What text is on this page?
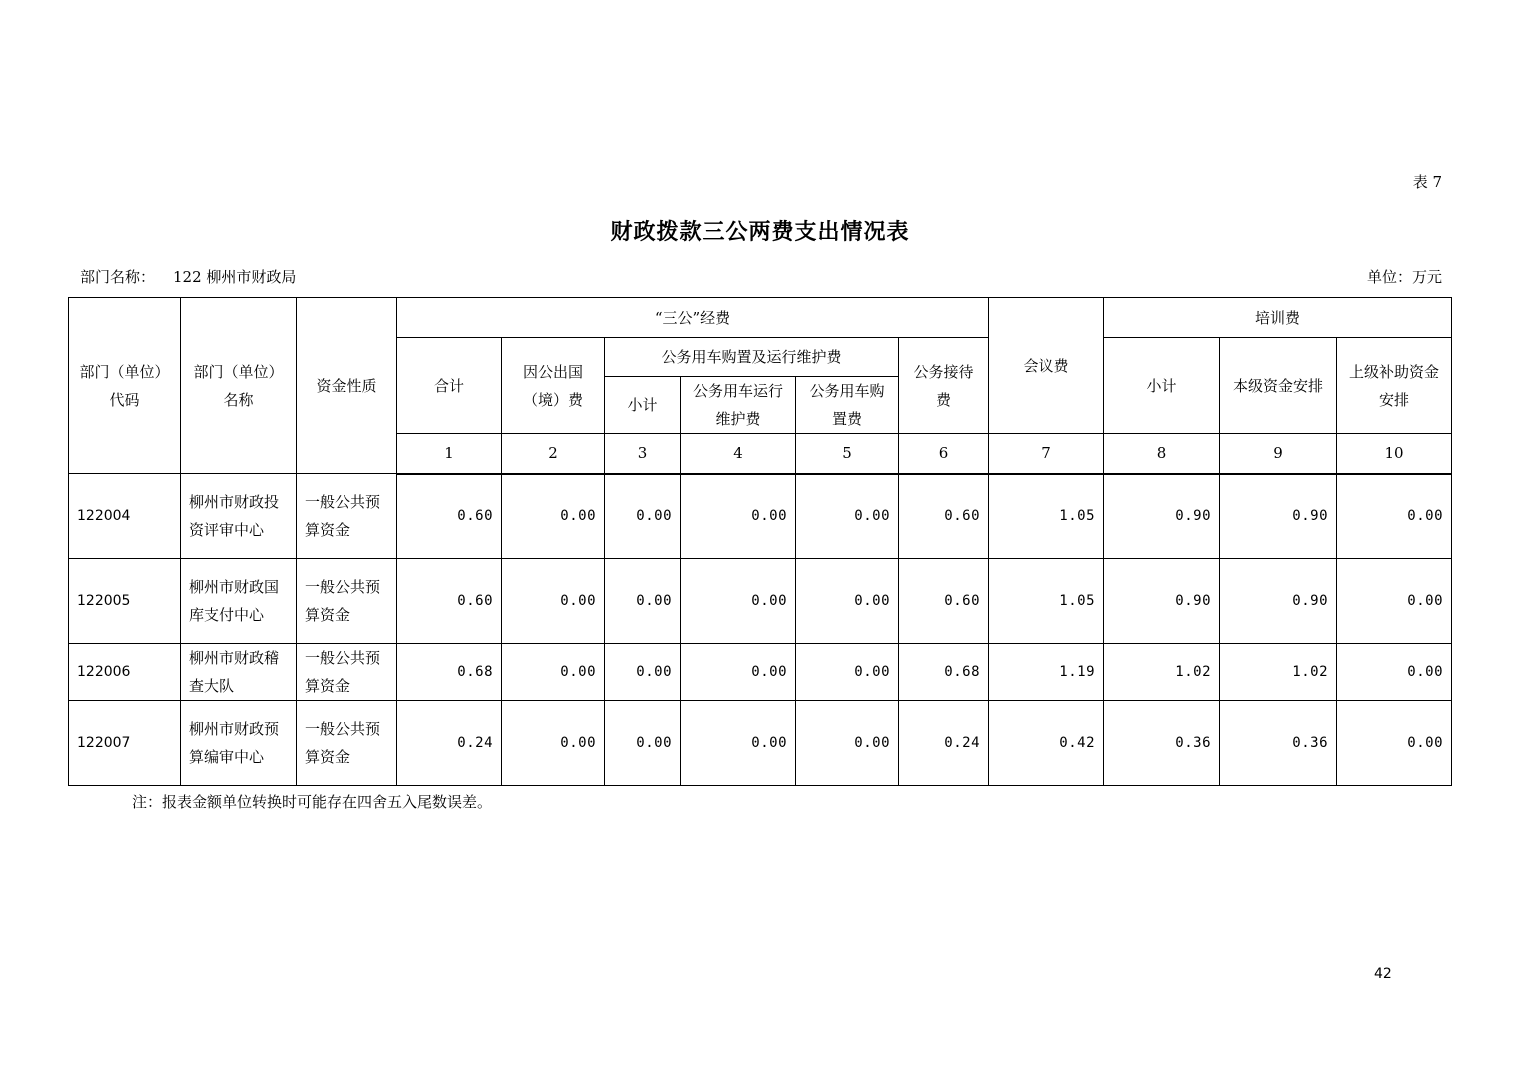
表 7
财政拨款三公两费支出情况表
部门名称： 122 柳州市财政局	单位：万元
部门（单位）代码	部门（单位）名称	资金性质	“三公”经费						会议费	培训费		
			合计	因公出国（境）费	公务用车购置及运行维护费			公务接待费		小计	本级资金安排	上级补助资金安排
					小计	公务用车运行维护费	公务用车购置费					
			1	2	3	4	5	6	7	8	9	10
122004	柳州市财政投资评审中心	一般公共预算资金	0.60	0.00	0.00	0.00	0.00	0.60	1.05	0.90	0.90	0.00
122005	柳州市财政国库支付中心	一般公共预算资金	0.60	0.00	0.00	0.00	0.00	0.60	1.05	0.90	0.90	0.00
122006	柳州市财政稽查大队	一般公共预算资金	0.68	0.00	0.00	0.00	0.00	0.68	1.19	1.02	1.02	0.00
122007	柳州市财政预算编审中心	一般公共预算资金	0.24	0.00	0.00	0.00	0.00	0.24	0.42	0.36	0.36	0.00
注：报表金额单位转换时可能存在四舍五入尾数误差。
42
